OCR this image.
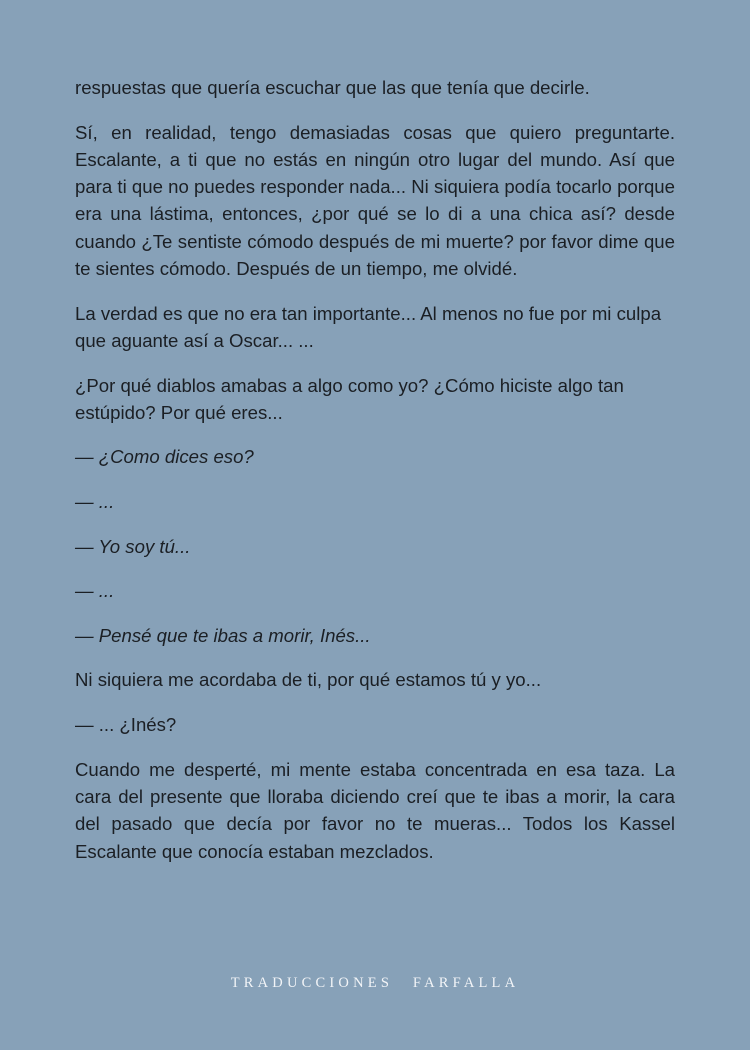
respuestas que quería escuchar que las que tenía que decirle.

Sí, en realidad, tengo demasiadas cosas que quiero preguntarte. Escalante, a ti que no estás en ningún otro lugar del mundo. Así que para ti que no puedes responder nada... Ni siquiera podía tocarlo porque era una lástima, entonces, ¿por qué se lo di a una chica así? desde cuando ¿Te sentiste cómodo después de mi muerte? por favor dime que te sientes cómodo. Después de un tiempo, me olvidé.

La verdad es que no era tan importante... Al menos no fue por mi culpa que aguante así a Oscar... ...

¿Por qué diablos amabas a algo como yo? ¿Cómo hiciste algo tan estúpido? Por qué eres...

— ¿Como dices eso?

— ...

— Yo soy tú...

— ...

— Pensé que te ibas a morir, Inés...

Ni siquiera me acordaba de ti, por qué estamos tú y yo...

— ... ¿Inés?

Cuando me desperté, mi mente estaba concentrada en esa taza. La cara del presente que lloraba diciendo creí que te ibas a morir, la cara del pasado que decía por favor no te mueras... Todos los Kassel Escalante que conocía estaban mezclados.

TRADUCCIONES FARFALLA
